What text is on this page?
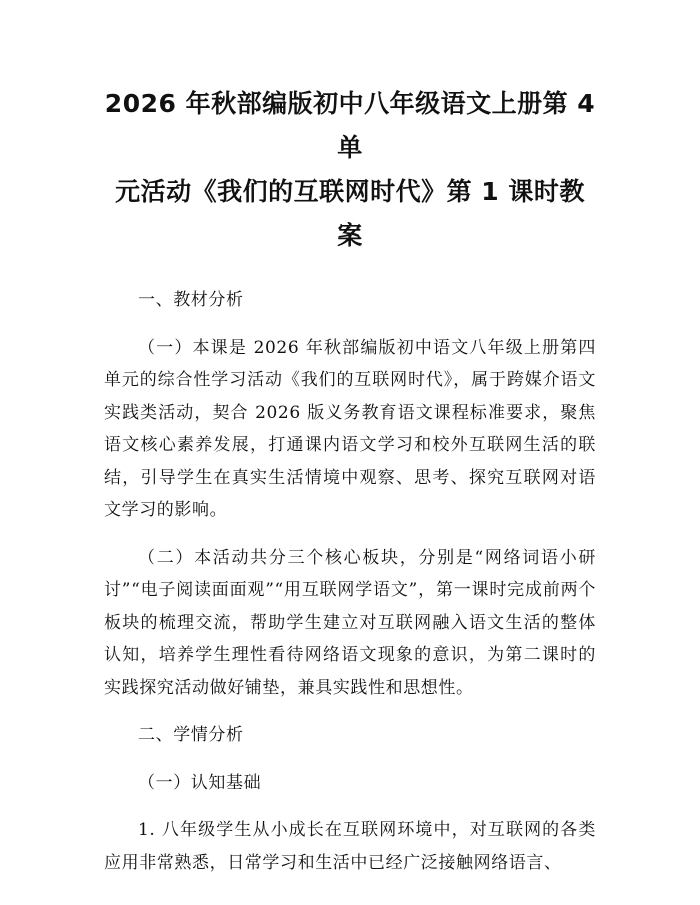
2026 年秋部编版初中八年级语文上册第 4 单
元活动《我们的互联网时代》第 1 课时教案

一、教材分析

（一）本课是 2026 年秋部编版初中语文八年级上册第四单元的综合性学习活动《我们的互联网时代》，属于跨媒介语文实践类活动，契合 2026 版义务教育语文课程标准要求，聚焦语文核心素养发展，打通课内语文学习和校外互联网生活的联结，引导学生在真实生活情境中观察、思考、探究互联网对语文学习的影响。

（二）本活动共分三个核心板块，分别是“网络词语小研讨”“电子阅读面面观”“用互联网学语文”，第一课时完成前两个板块的梳理交流，帮助学生建立对互联网融入语文生活的整体认知，培养学生理性看待网络语文现象的意识，为第二课时的实践探究活动做好铺垫，兼具实践性和思想性。

二、学情分析

（一）认知基础

1. 八年级学生从小成长在互联网环境中，对互联网的各类应用非常熟悉，日常学习和生活中已经广泛接触网络语言、
